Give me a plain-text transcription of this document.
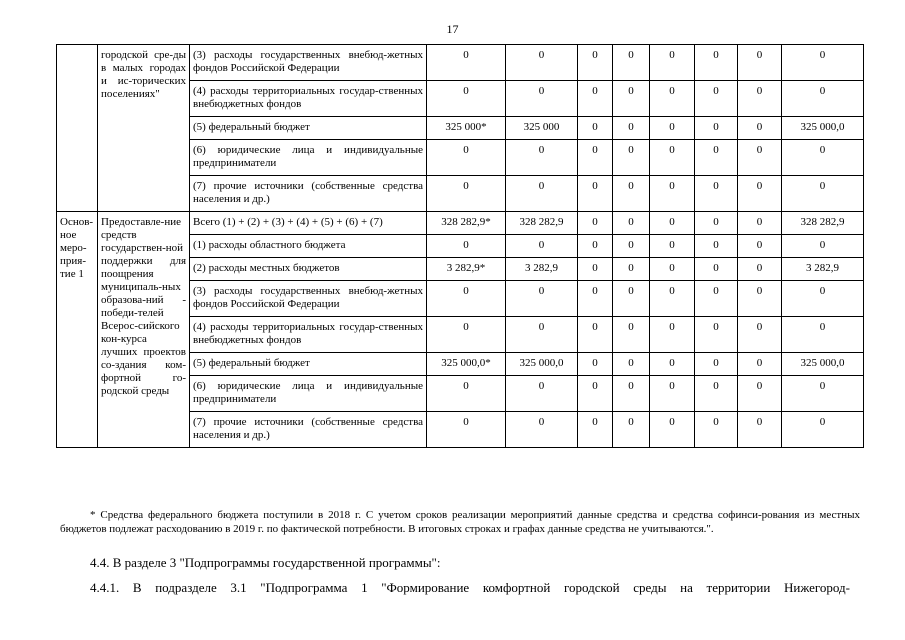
17
	городской сре-ды в малых городах и ис-торических поселениях"	(3) расходы государственных внебюд-жетных фондов Российской Федерации	0	0	0	0	0	0	0	0
		(4) расходы территориальных государ-ственных внебюджетных фондов	0	0	0	0	0	0	0	0
		(5) федеральный бюджет	325 000*	325 000	0	0	0	0	0	325 000,0
		(6) юридические лица и индивидуальные предприниматели	0	0	0	0	0	0	0	0
		(7) прочие источники (собственные средства населения и др.)	0	0	0	0	0	0	0	0
Основ-ное меро-прия-тие 1	Предоставле-ние средств государствен-ной поддержки для поощрения муниципаль-ных образова-ний - победи-телей Всерос-сийского кон-курса лучших проектов со-здания ком-фортной го-родской среды	Всего (1) + (2) + (3) + (4) + (5) + (6) + (7)	328 282,9*	328 282,9	0	0	0	0	0	328 282,9
		(1) расходы областного бюджета	0	0	0	0	0	0	0	0
		(2) расходы местных бюджетов	3 282,9*	3 282,9	0	0	0	0	0	3 282,9
		(3) расходы государственных внебюд-жетных фондов Российской Федерации	0	0	0	0	0	0	0	0
		(4) расходы территориальных государ-ственных внебюджетных фондов	0	0	0	0	0	0	0	0
		(5) федеральный бюджет	325 000,0*	325 000,0	0	0	0	0	0	325 000,0
		(6) юридические лица и индивидуальные предприниматели	0	0	0	0	0	0	0	0
		(7) прочие источники (собственные средства населения и др.)	0	0	0	0	0	0	0	0
* Средства федерального бюджета поступили в 2018 г. С учетом сроков реализации мероприятий данные средства и средства софинси-рования из местных бюджетов подлежат расходованию в 2019 г. по фактической потребности. В итоговых строках и графах данные средства не учитываются.".
4.4. В разделе 3 "Подпрограммы государственной программы":
4.4.1. В подразделе 3.1 "Подпрограмма 1 "Формирование комфортной городской среды на территории Нижегород-
